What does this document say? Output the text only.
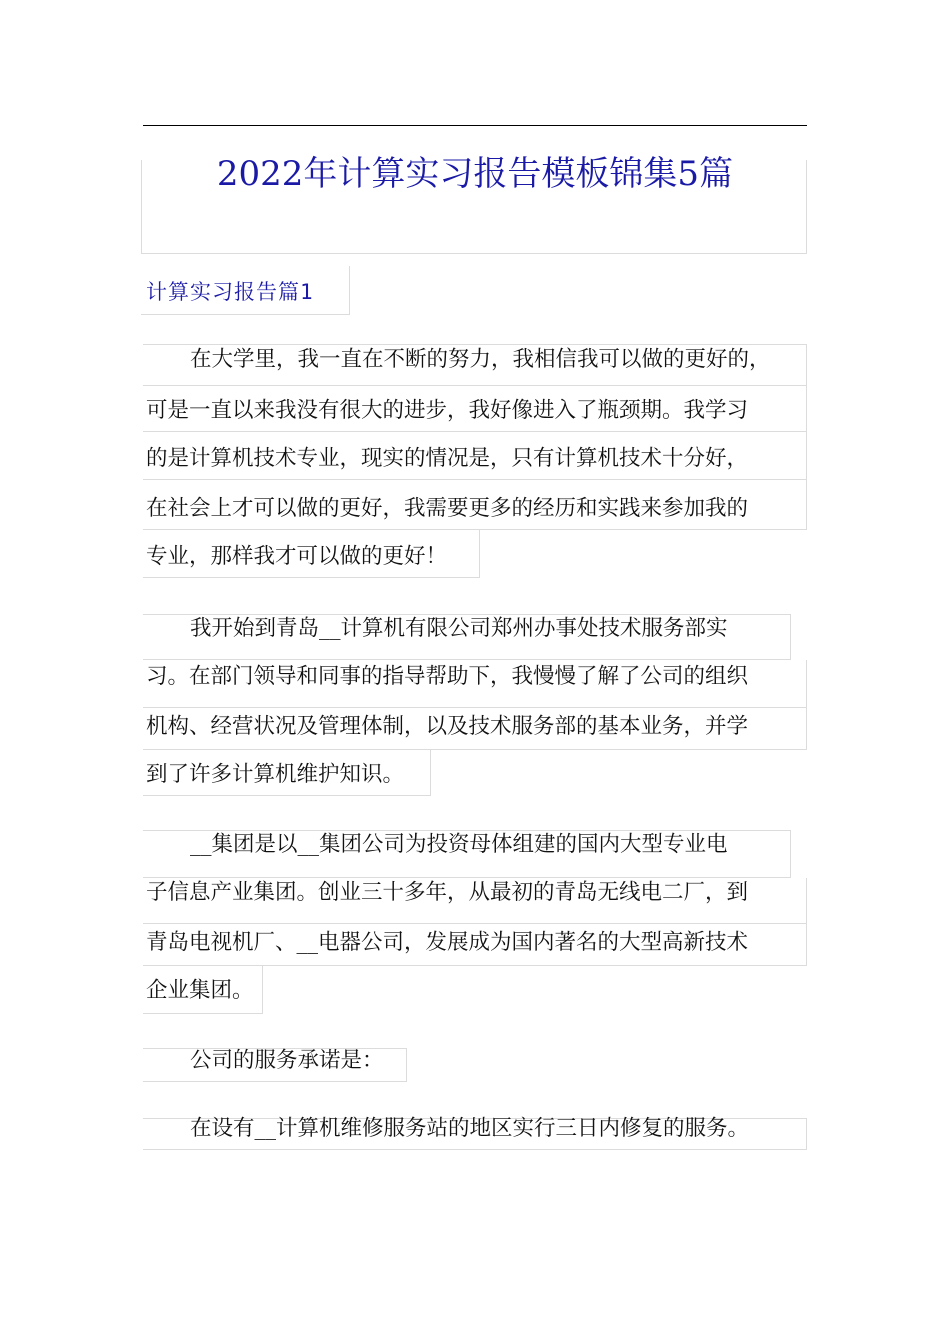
2022年计算实习报告模板锦集5篇
计算实习报告篇1
在大学里，我一直在不断的努力，我相信我可以做的更好的，
可是一直以来我没有很大的进步，我好像进入了瓶颈期。我学习
的是计算机技术专业，现实的情况是，只有计算机技术十分好，
在社会上才可以做的更好，我需要更多的经历和实践来参加我的
专业，那样我才可以做的更好！
我开始到青岛__计算机有限公司郑州办事处技术服务部实
习。在部门领导和同事的指导帮助下，我慢慢了解了公司的组织
机构、经营状况及管理体制，以及技术服务部的基本业务，并学
到了许多计算机维护知识。
__集团是以__集团公司为投资母体组建的国内大型专业电
子信息产业集团。创业三十多年，从最初的青岛无线电二厂，到
青岛电视机厂、__电器公司，发展成为国内著名的大型高新技术
企业集团。
公司的服务承诺是：
在设有__计算机维修服务站的地区实行三日内修复的服务。
